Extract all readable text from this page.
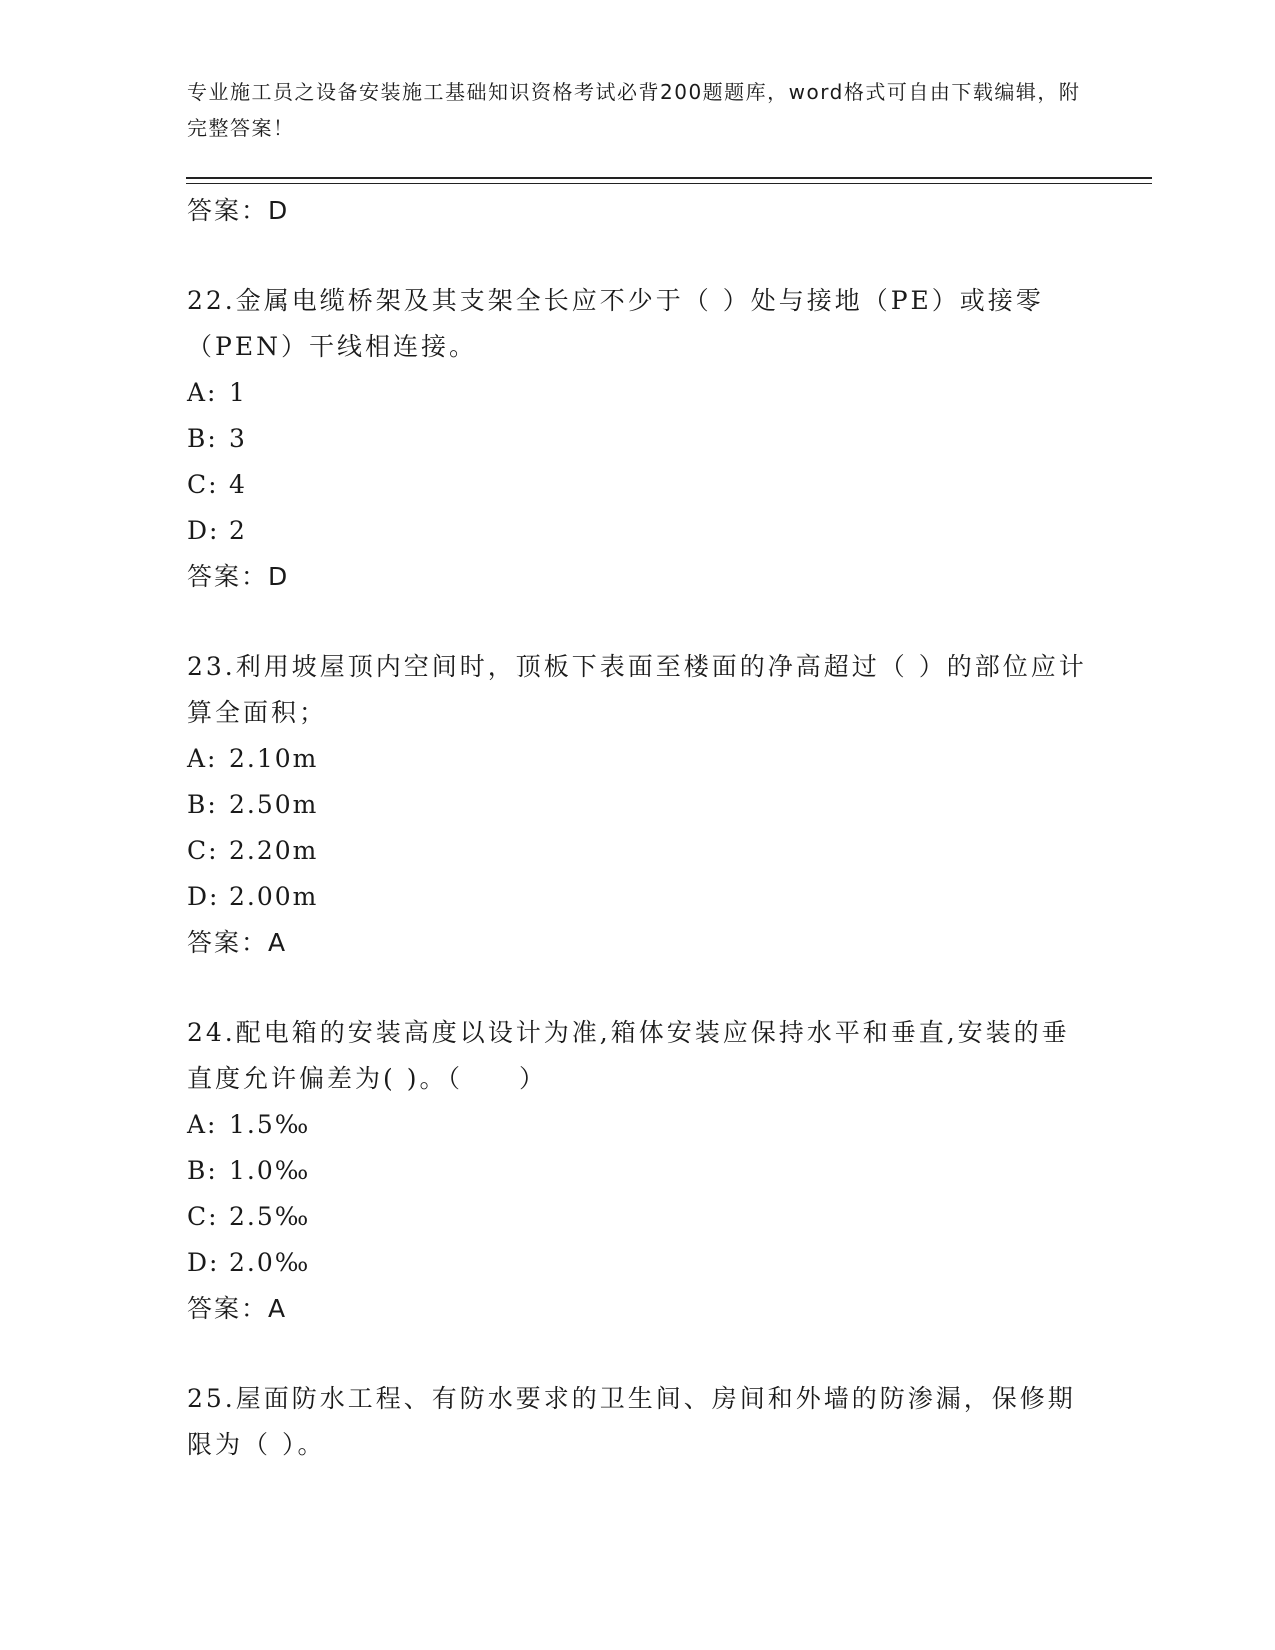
专业施工员之设备安装施工基础知识资格考试必背200题题库，word格式可自由下载编辑，附完整答案！

答案：D

22.金属电缆桥架及其支架全长应不少于（ ）处与接地（PE）或接零（PEN）干线相连接。

A: 1

B: 3

C: 4

D: 2

答案：D

23.利用坡屋顶内空间时，顶板下表面至楼面的净高超过（ ）的部位应计算全面积；

A: 2.10m

B: 2.50m

C: 2.20m

D: 2.00m

答案：A

24.配电箱的安装高度以设计为准,箱体安装应保持水平和垂直,安装的垂直度允许偏差为( )。（　　）

A: 1.5‰

B: 1.0‰

C: 2.5‰

D: 2.0‰

答案：A

25.屋面防水工程、有防水要求的卫生间、房间和外墙的防渗漏，保修期限为（ ）。
